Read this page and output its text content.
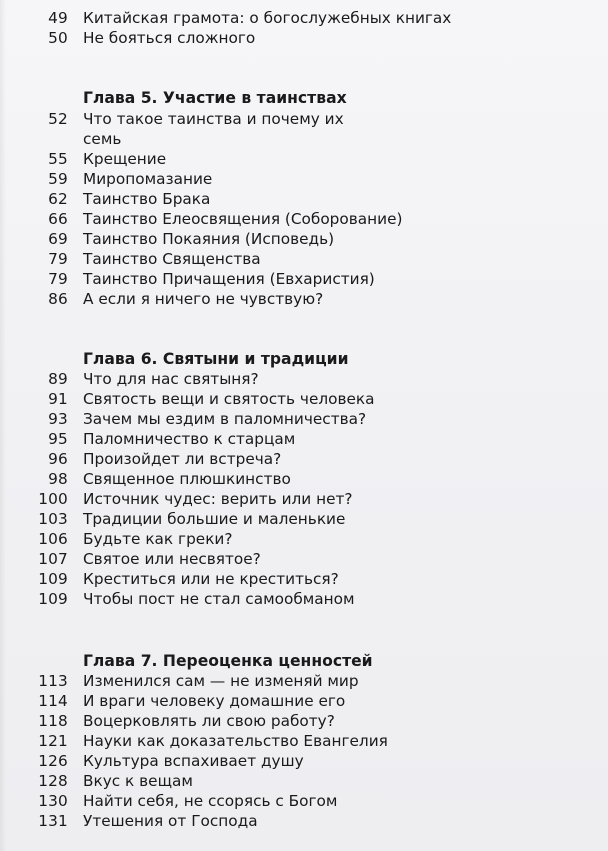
49 Китайская грамота: о богослужебных книгах
50 Не бояться сложного
Глава 5. Участие в таинствах
52 Что такое таинства и почему их
семь
55 Крещение
59 Миропомазание
62 Таинство Брака
66 Таинство Елеосвящения (Соборование)
69 Таинство Покаяния (Исповедь)
79 Таинство Священства
79 Таинство Причащения (Евхаристия)
86 А если я ничего не чувствую?
Глава 6. Святыни и традиции
89 Что для нас святыня?
91 Святость вещи и святость человека
93 Зачем мы ездим в паломничества?
95 Паломничество к старцам
96 Произойдет ли встреча?
98 Священное плюшкинство
100 Источник чудес: верить или нет?
103 Традиции большие и маленькие
106 Будьте как греки?
107 Святое или несвятое?
109 Креститься или не креститься?
109 Чтобы пост не стал самообманом
Глава 7. Переоценка ценностей
113 Изменился сам — не изменяй мир
114 И враги человеку домашние его
118 Воцерковлять ли свою работу?
121 Науки как доказательство Евангелия
126 Культура вспахивает душу
128 Вкус к вещам
130 Найти себя, не ссорясь с Богом
131 Утешения от Господа
